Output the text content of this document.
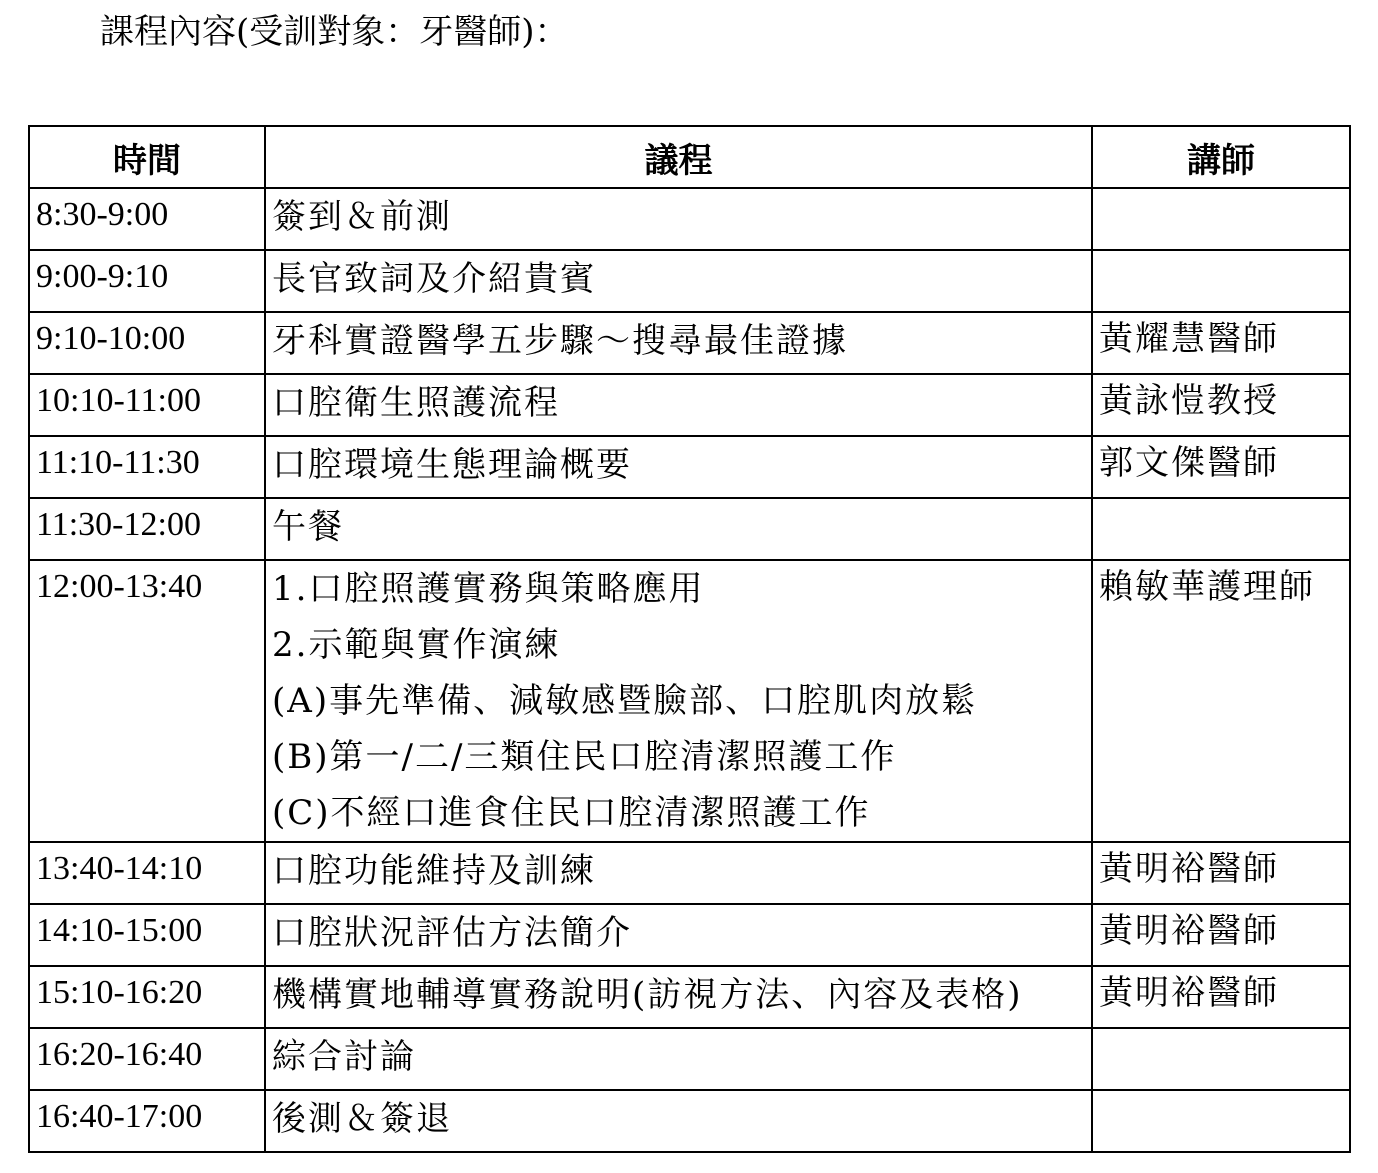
課程內容(受訓對象：牙醫師)：
時間	議程	講師
8:30-9:00	簽到＆前測	

9:00-9:10	長官致詞及介紹貴賓	

9:10-10:00	牙科實證醫學五步驟～搜尋最佳證據	黃耀慧醫師
10:10-11:00	口腔衛生照護流程	黃詠愷教授
11:10-11:30	口腔環境生態理論概要	郭文傑醫師
11:30-12:00	午餐	

12:00-13:40	1.口腔照護實務與策略應用
2.示範與實作演練
(A)事先準備、減敏感暨臉部、口腔肌肉放鬆
(B)第一/二/三類住民口腔清潔照護工作
(C)不經口進食住民口腔清潔照護工作	賴敏華護理師
13:40-14:10	口腔功能維持及訓練	黃明裕醫師
14:10-15:00	口腔狀況評估方法簡介	黃明裕醫師
15:10-16:20	機構實地輔導實務說明(訪視方法、內容及表格)	黃明裕醫師
16:20-16:40	綜合討論	

16:40-17:00	後測＆簽退	
